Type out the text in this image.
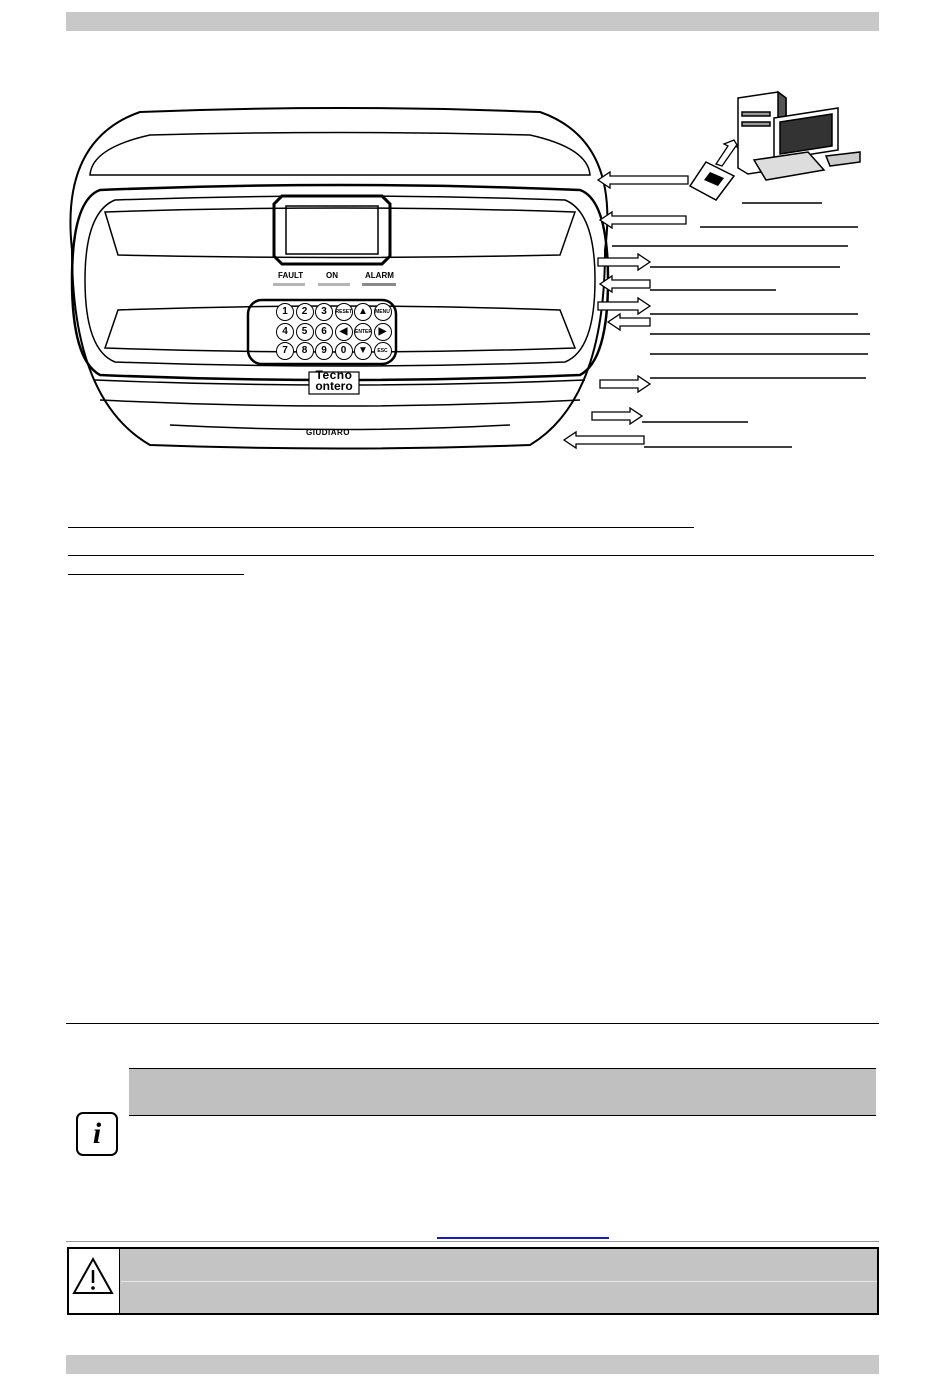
FAULT	ON	ALARM
1	2	3	RESET ▲	MENU
4	5	6	◀	ENTER ▶
7	8	9	0	▼	ESC
Tecno
ontero
GIUDIARO
i
